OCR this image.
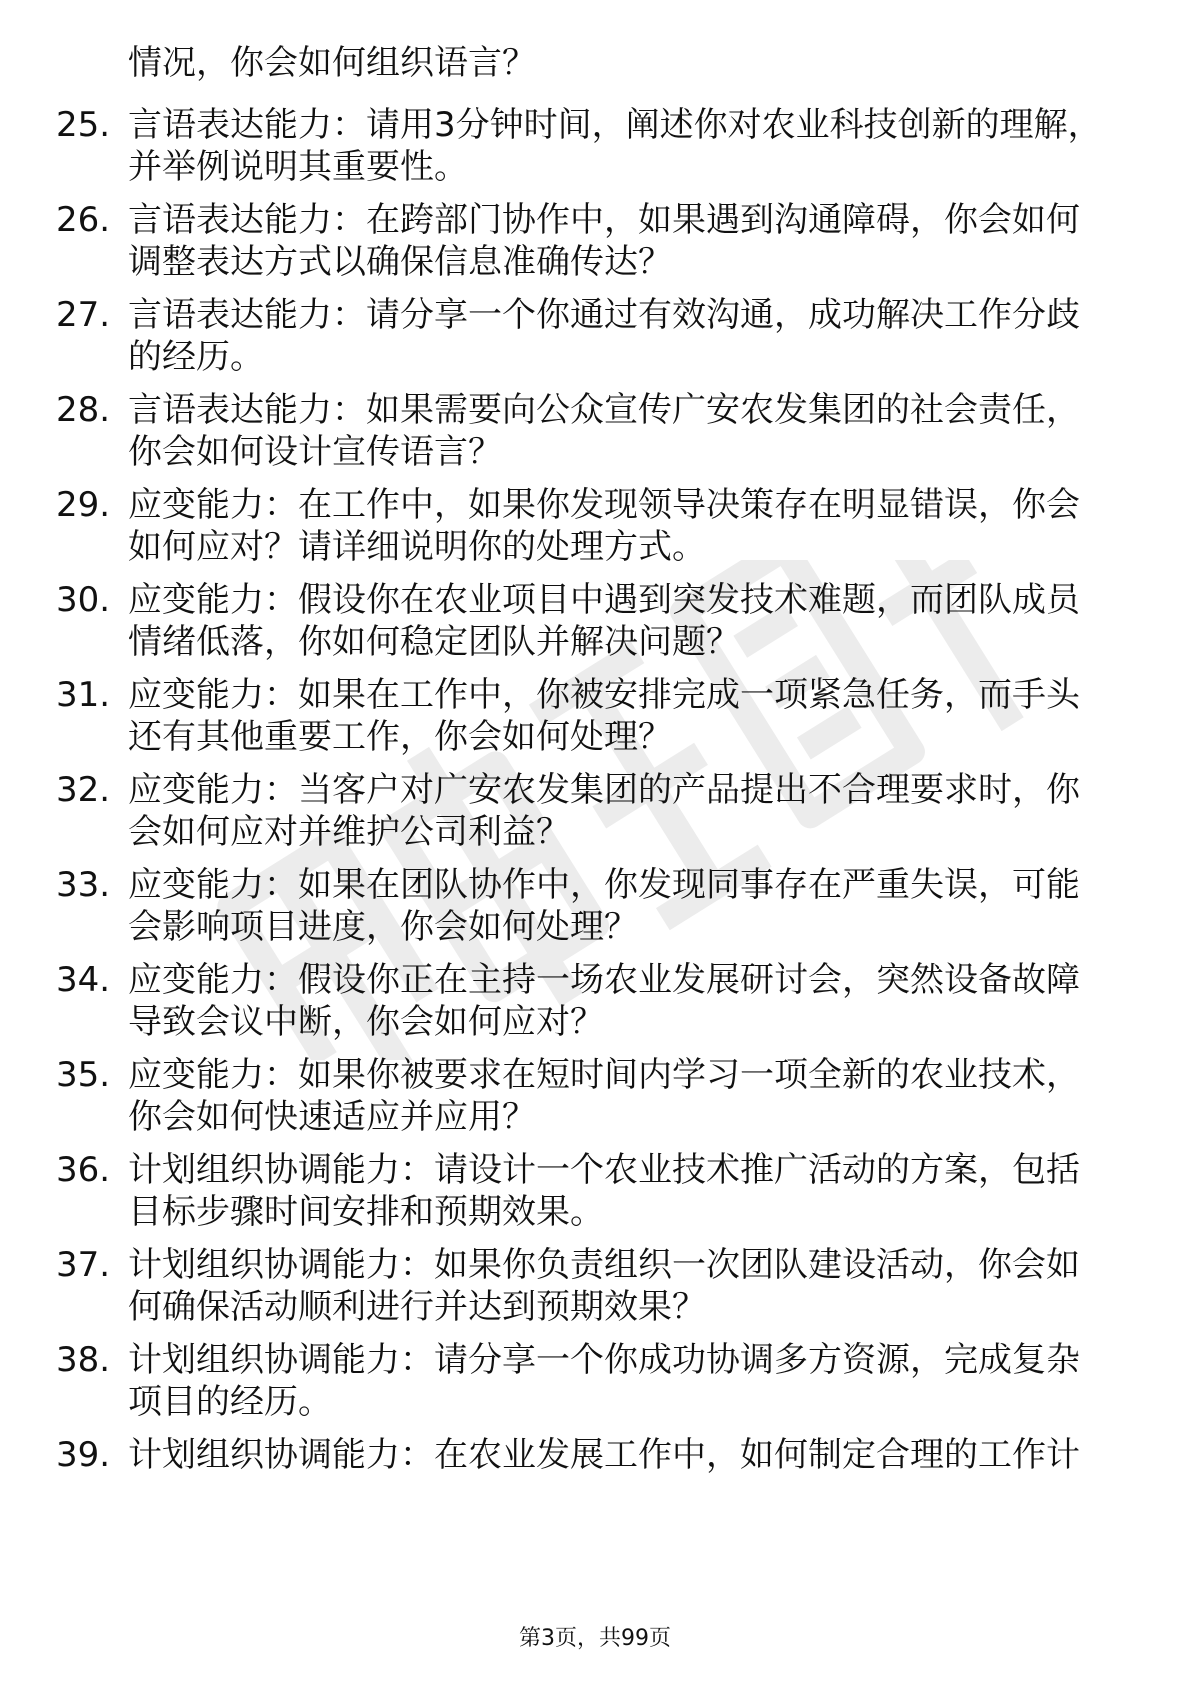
情况，你会如何组织语言？
25. 言语表达能力：请用3分钟时间，阐述你对农业科技创新的理解，
并举例说明其重要性。
26. 言语表达能力：在跨部门协作中，如果遇到沟通障碍，你会如何
调整表达方式以确保信息准确传达？
27. 言语表达能力：请分享一个你通过有效沟通，成功解决工作分歧
的经历。
28. 言语表达能力：如果需要向公众宣传广安农发集团的社会责任，
你会如何设计宣传语言？
29. 应变能力：在工作中，如果你发现领导决策存在明显错误，你会
如何应对？请详细说明你的处理方式。
30. 应变能力：假设你在农业项目中遇到突发技术难题，而团队成员
情绪低落，你如何稳定团队并解决问题？
31. 应变能力：如果在工作中，你被安排完成一项紧急任务，而手头
还有其他重要工作，你会如何处理？
32. 应变能力：当客户对广安农发集团的产品提出不合理要求时，你
会如何应对并维护公司利益？
33. 应变能力：如果在团队协作中，你发现同事存在严重失误，可能
会影响项目进度，你会如何处理？
34. 应变能力：假设你正在主持一场农业发展研讨会，突然设备故障
导致会议中断，你会如何应对？
35. 应变能力：如果你被要求在短时间内学习一项全新的农业技术，
你会如何快速适应并应用？
36. 计划组织协调能力：请设计一个农业技术推广活动的方案，包括
目标步骤时间安排和预期效果。
37. 计划组织协调能力：如果你负责组织一次团队建设活动，你会如
何确保活动顺利进行并达到预期效果？
38. 计划组织协调能力：请分享一个你成功协调多方资源，完成复杂
项目的经历。
39. 计划组织协调能力：在农业发展工作中，如何制定合理的工作计
第3页，共99页
